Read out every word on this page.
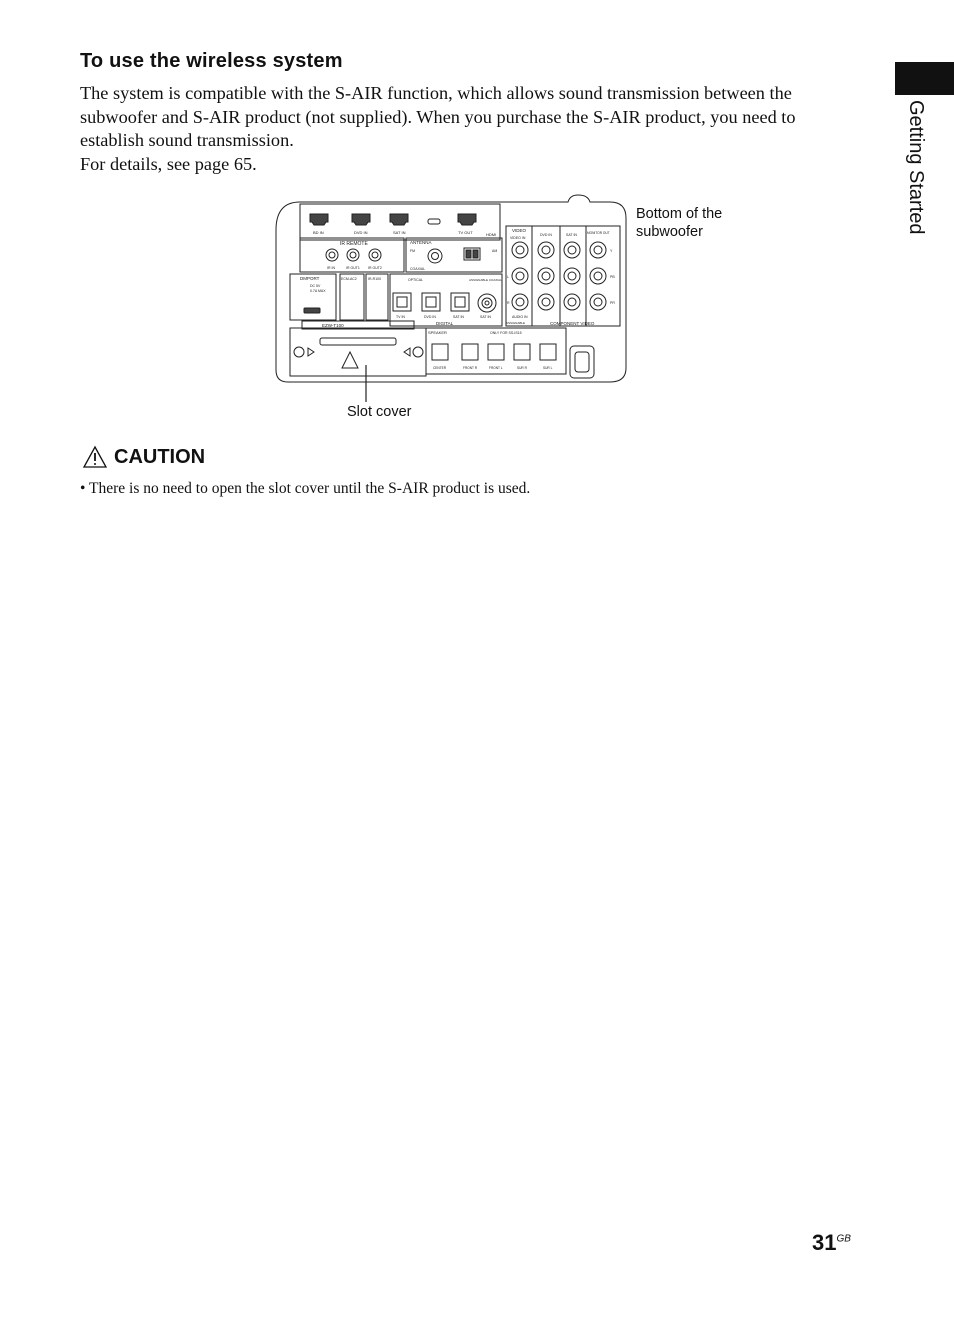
To use the wireless system

The system is compatible with the S-AIR function, which allows sound transmission between the subwoofer and S-AIR product (not supplied). When you purchase the S-AIR product, you need to establish sound transmission.

For details, see page 65.	Getting Started
Bottom of the subwoofer
Slot cover
BD IN	DVD IN	SAT IN	TV OUT	HDMI
IR REMOTE
IR IN	IR OUT1 IR OUT2
ANTENNA
FM
COAXIAL
AM
VIDEO
VIDEO IN
DVD IN	SAT IN	MONITOR OUT
Y
PB
PR
L
R
DMPORT
DC 5V
0.7A MAX
ECM-AC2	IR-R100
EZW-T100
OPTICAL	ASSIGNABLE COAXIAL
TV IN	DVD IN	SAT IN	SAT IN
DIGITAL
AUDIO IN
ASSIGNABLE	COMPONENT VIDEO
SPEAKER	ONLY FOR SS-IS15
CENTER	FRONT R	FRONT L	SUR R	SUR L
CAUTION
• There is no need to open the slot cover until the S-AIR product is used.
$31^{GB}$
